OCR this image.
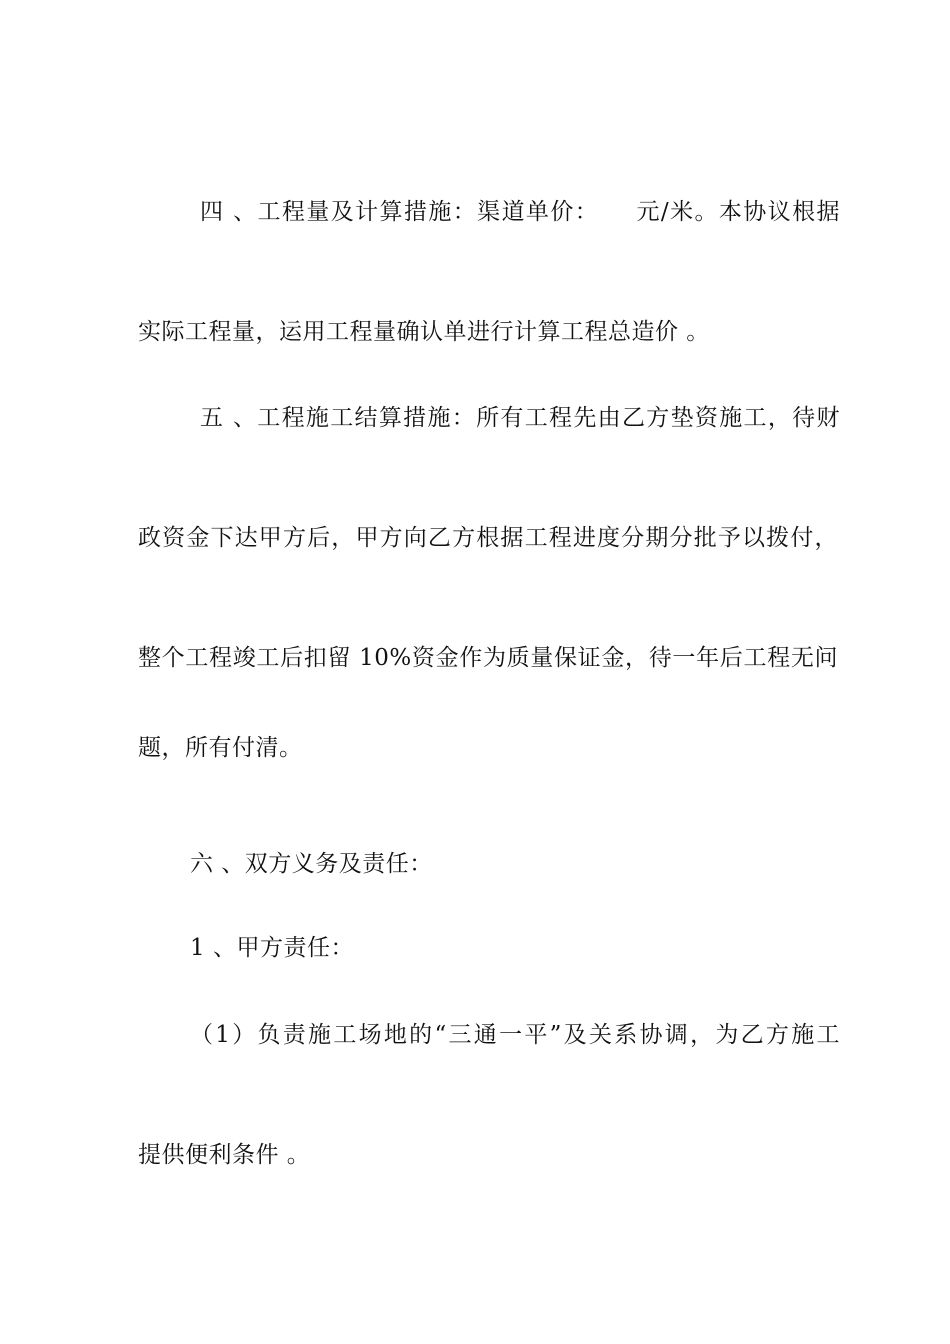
四 、工程量及计算措施：渠道单价：　　元/米。本协议根据
实际工程量，运用工程量确认单进行计算工程总造价 。
五 、工程施工结算措施：所有工程先由乙方垫资施工，待财
政资金下达甲方后，甲方向乙方根据工程进度分期分批予以拨付，
整个工程竣工后扣留 10%资金作为质量保证金，待一年后工程无问
题，所有付清。
六 、双方义务及责任：
1 、甲方责任：
（1）负责施工场地的“三通一平”及关系协调，为乙方施工
提供便利条件 。
